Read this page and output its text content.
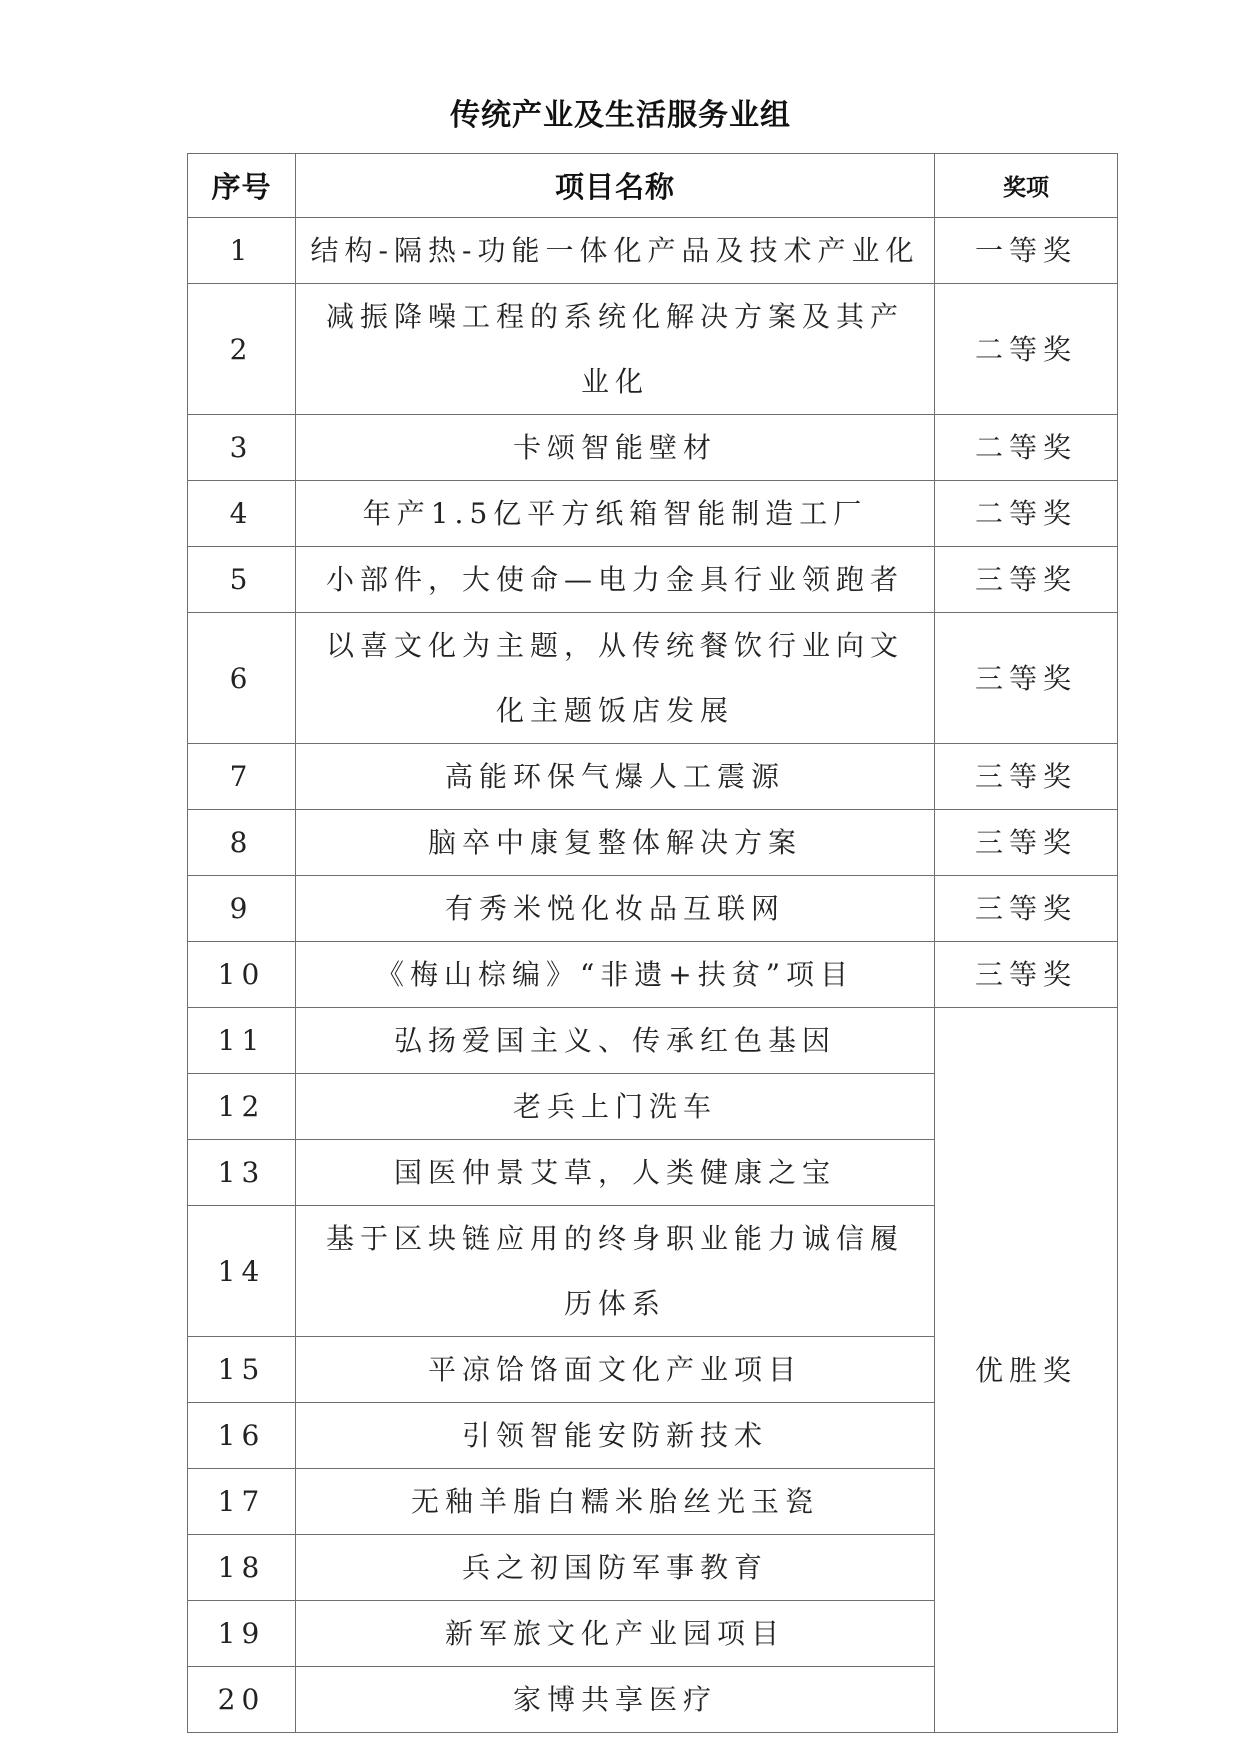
传统产业及生活服务业组
序号	项目名称	奖项
1	结构-隔热-功能一体化产品及技术产业化	一等奖
2	减振降噪工程的系统化解决方案及其产业化	二等奖
3	卡颂智能壁材	二等奖
4	年产1.5亿平方纸箱智能制造工厂	二等奖
5	小部件，大使命—电力金具行业领跑者	三等奖
6	以喜文化为主题，从传统餐饮行业向文化主题饭店发展	三等奖
7	高能环保气爆人工震源	三等奖
8	脑卒中康复整体解决方案	三等奖
9	有秀米悦化妆品互联网	三等奖
10	《梅山棕编》“非遗+扶贫”项目	三等奖
11	弘扬爱国主义、传承红色基因	优胜奖
12	老兵上门洗车	
13	国医仲景艾草，人类健康之宝	
14	基于区块链应用的终身职业能力诚信履历体系	
15	平凉饸饹面文化产业项目	
16	引领智能安防新技术	
17	无釉羊脂白糯米胎丝光玉瓷	
18	兵之初国防军事教育	
19	新军旅文化产业园项目	
20	家博共享医疗	
